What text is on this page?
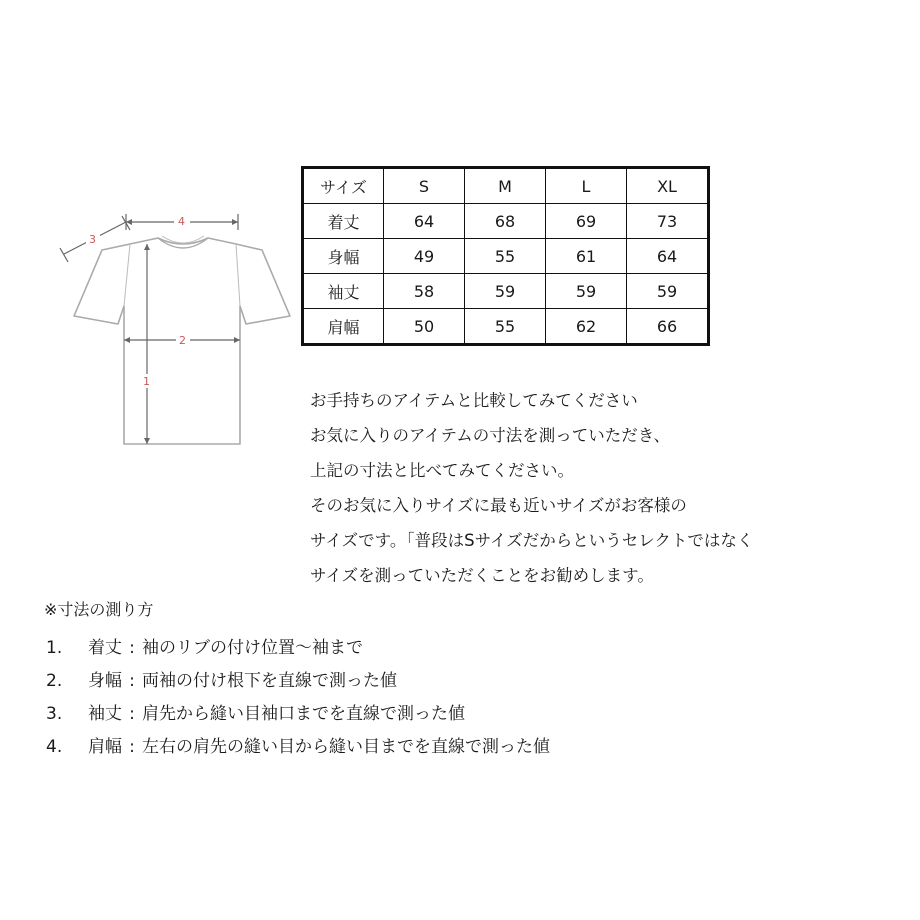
4
3
2
1
サイズ	S	M	L	XL
着丈	64	68	69	73
身幅	49	55	61	64
袖丈	58	59	59	59
肩幅	50	55	62	66
お手持ちのアイテムと比較してみてください
お気に入りのアイテムの寸法を測っていただき、
上記の寸法と比べてみてください。
そのお気に入りサイズに最も近いサイズがお客様の
サイズです。「普段はSサイズだからというセレクトではなく
サイズを測っていただくことをお勧めします。
※寸法の測り方
1. 着丈 : 袖のリブの付け位置〜袖まで
2. 身幅 : 両袖の付け根下を直線で測った値
3. 袖丈 : 肩先から縫い目袖口までを直線で測った値
4. 肩幅 : 左右の肩先の縫い目から縫い目までを直線で測った値
